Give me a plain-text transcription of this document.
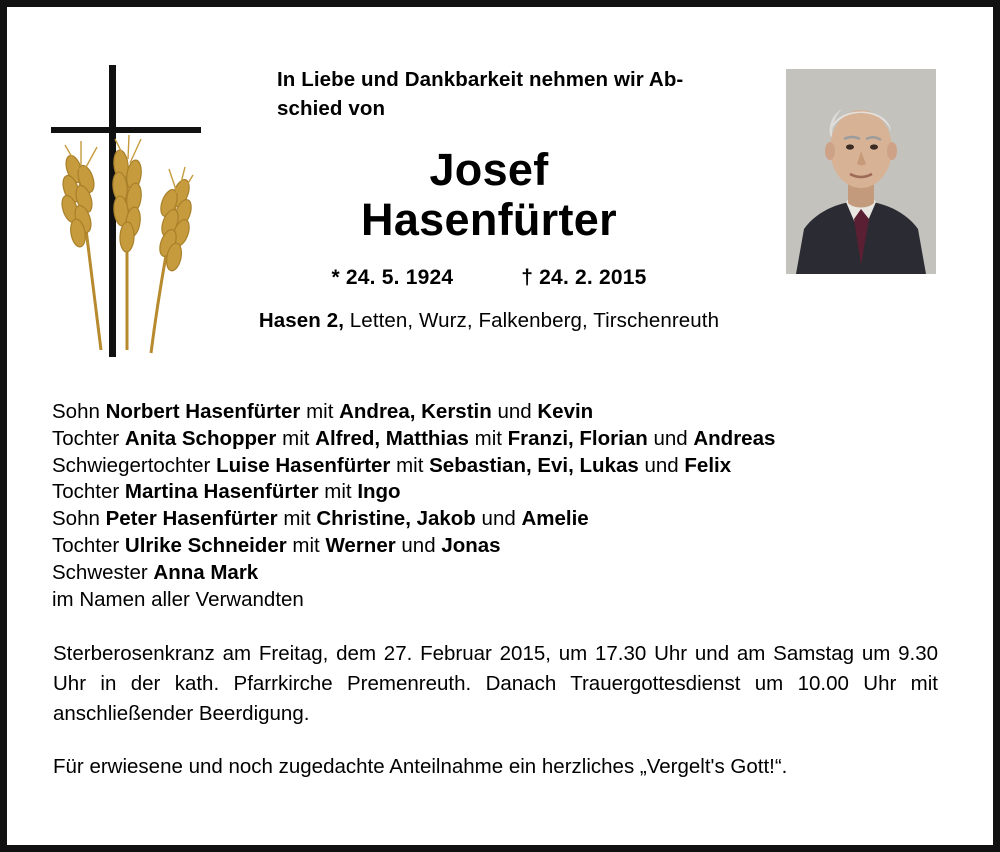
In Liebe und Dankbarkeit nehmen wir Ab-
schied von
Josef
Hasenfürter
* 24. 5. 1924	† 24. 2. 2015
Hasen 2, Letten, Wurz, Falkenberg, Tirschenreuth
Sohn Norbert Hasenfürter mit Andrea, Kerstin und Kevin
Tochter Anita Schopper mit Alfred, Matthias mit Franzi, Florian und Andreas
Schwiegertochter Luise Hasenfürter mit Sebastian, Evi, Lukas und Felix
Tochter Martina Hasenfürter mit Ingo
Sohn Peter Hasenfürter mit Christine, Jakob und Amelie
Tochter Ulrike Schneider mit Werner und Jonas
Schwester Anna Mark
im Namen aller Verwandten

Sterberosenkranz am Freitag, dem 27. Februar 2015, um 17.30 Uhr und am Samstag um 9.30 Uhr in der kath. Pfarrkirche Premenreuth. Danach Trauergottesdienst um 10.00 Uhr mit anschließender Beerdigung.

Für erwiesene und noch zugedachte Anteilnahme ein herzliches „Vergelt's Gott!“.
